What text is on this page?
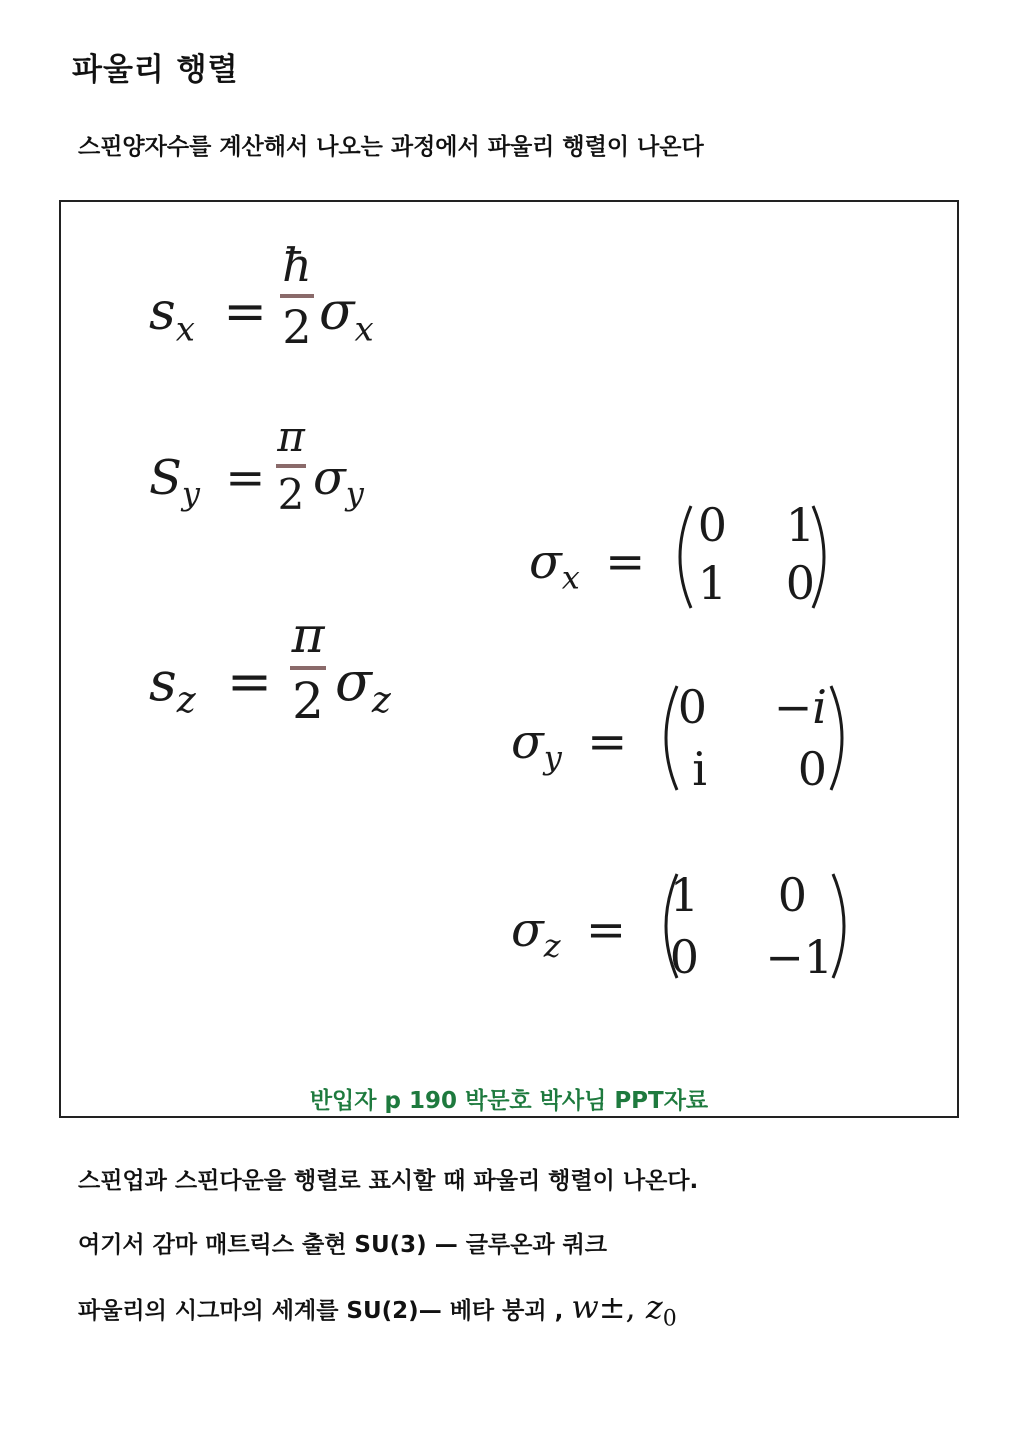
파울리 행렬
스핀양자수를 계산해서 나오는 과정에서 파울리 행렬이 나온다
$s_x$ =
ħ
2 $\sigma_x$
$S_y$ =
π
2 $\sigma_y$
$s_z$ =
π
2 $\sigma_z$
$\sigma_x$ =
0	1
1	0
$\sigma_y$ =
0	−i
i	0
$\sigma_z$ =
1	0
0	−1
반입자 p 190 박문호 박사님 PPT자료
스핀업과 스핀다운을 행렬로 표시할 때 파울리 행렬이 나온다.
여기서 감마 매트릭스 출현 SU(3) — 글루온과 쿼크
파울리의 시그마의 세계를 SU(2)— 베타 붕괴 , w±, $z_0$
